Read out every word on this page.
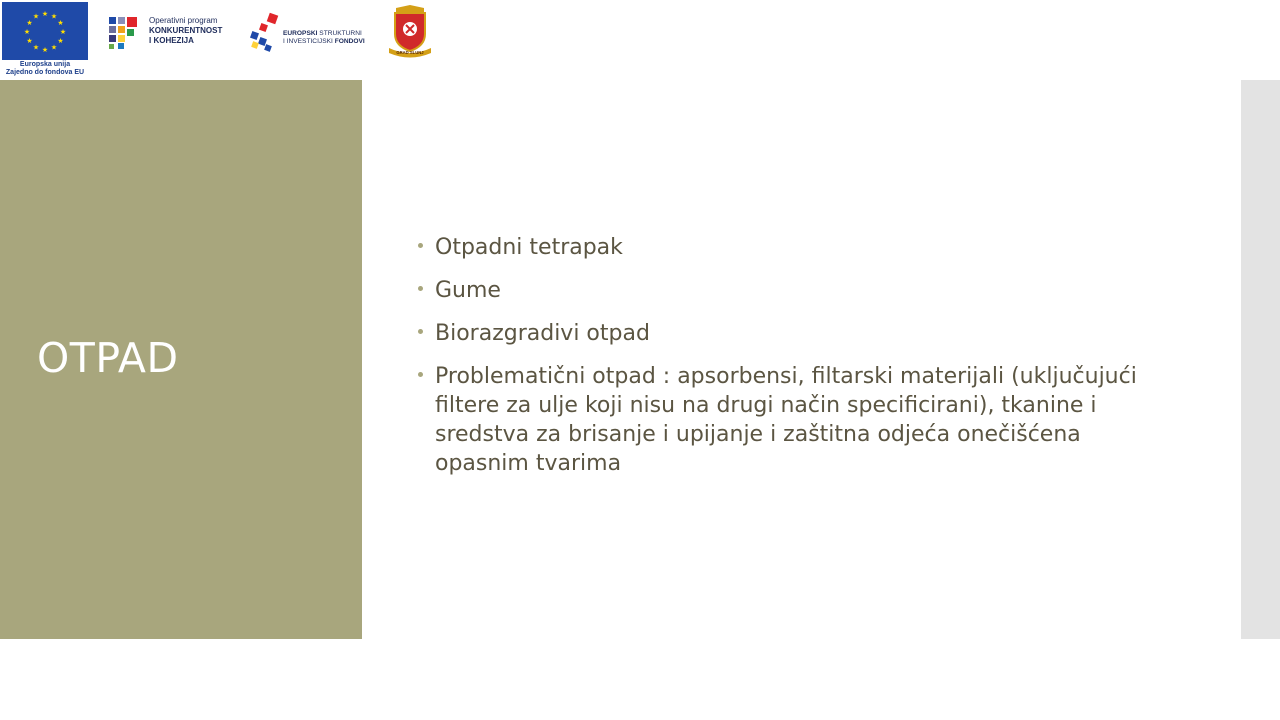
★ ★
★
★
★
★
★
★
★
★
★
★
Europska unija
Zajedno do fondova EU
Operativni program
KONKURENTNOST
I KOHEZIJA
EUROPSKI STRUKTURNI
I INVESTICIJSKI FONDOVI
GRAD SLUNJ
OTPAD
Otpadni tetrapak
Gume
Biorazgradivi otpad
Problematični otpad : apsorbensi, filtarski materijali (uključujući filtere za ulje koji nisu na drugi način specificirani), tkanine i sredstva za brisanje i upijanje i zaštitna odjeća onečišćena opasnim tvarima
